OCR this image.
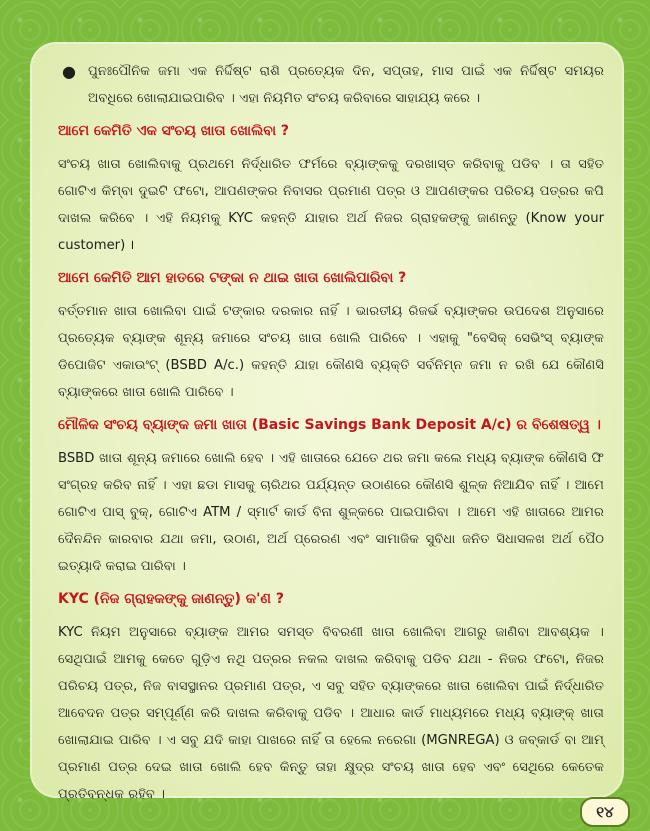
● ପୁନଃପୌନିକ ଜମା ଏକ ନିର୍ଦ୍ଦିଷ୍ଟ ରାଶି ପ୍ରତ୍ୟେକ ଦିନ, ସପ୍ତାହ, ମାସ ପାଇଁ ଏକ ନିର୍ଦ୍ଦିଷ୍ଟ ସମୟର ଅବଧିରେ ଖୋଲାଯାଇପାରିବ । ଏହା ନିୟମିତ ସଂଚୟ କରିବାରେ ସାହାଯ୍ୟ କରେ ।

ଆମେ କେମିତି ଏକ ସଂଚୟ ଖାତା ଖୋଲିବା ?

ସଂଚୟ ଖାତା ଖୋଲିବାକୁ ପ୍ରଥମେ ନିର୍ଦ୍ଧାରିତ ଫର୍ମରେ ବ୍ୟାଙ୍କକୁ ଦରଖାସ୍ତ କରିବାକୁ ପଡିବ । ତା ସହିତ ଗୋଟିଏ କିମ୍ବା ଦୁଇଟି ଫଟୋ, ଆପଣଙ୍କର ନିବାସର ପ୍ରମାଣ ପତ୍ର ଓ ଆପଣଙ୍କର ପରିଚୟ ପତ୍ରର କପି ଦାଖଲ କରିବେ । ଏହି ନିୟମକୁ KYC କହନ୍ତି ଯାହାର ଅର୍ଥ ନିଜର ଗ୍ରାହକଙ୍କୁ ଜାଣନ୍ତୁ (Know your customer) ।

ଆମେ କେମିତି ଆମ ହାତରେ ଟଙ୍କା ନ ଥାଇ ଖାତା ଖୋଲିପାରିବା ?

ବର୍ତ୍ତମାନ ଖାତା ଖୋଲିବା ପାଇଁ ଟଙ୍କାର ଦରକାର ନାହିଁ । ଭାରତୀୟ ରିଜର୍ଭ ବ୍ୟାଙ୍କର ଉପଦେଶ ଅନୁସାରେ ପ୍ରତ୍ୟେକ ବ୍ୟାଙ୍କ ଶୂନ୍ୟ ଜମାରେ ସଂଚୟ ଖାତା ଖୋଲି ପାରିବେ । ଏହାକୁ "ବେସିକ୍ ସେଭିଂସ୍ ବ୍ୟାଙ୍କ ଡିପୋଜିଟ ଏକାଉଂଟ୍ (BSBD A/c.) କହନ୍ତି ଯାହା କୌଣସି ବ୍ୟକ୍ତି ସର୍ବନିମ୍ନ ଜମା ନ ରଖି ଯେ କୌଣସି ବ୍ୟାଙ୍କରେ ଖାତା ଖୋଲି ପାରିବେ ।

ମୌଳିକ ସଂଚୟ ବ୍ୟାଙ୍କ ଜମା ଖାତା (Basic Savings Bank Deposit A/c) ର ବିଶେଷତ୍ୱ ।

BSBD ଖାତା ଶୂନ୍ୟ ଜମାରେ ଖୋଲି ହେବ । ଏହି ଖାତାରେ ଯେତେ ଥର ଜମା କଲେ ମଧ୍ୟ ବ୍ୟାଙ୍କ କୌଣସି ଫି ସଂଗ୍ରହ କରିବ ନାହିଁ । ଏହା ଛଡା ମାସକୁ ଚାରିଥର ପର୍ଯ୍ୟନ୍ତ ଉଠାଣରେ କୌଣସି ଶୁଳ୍କ ନିଆଯିବ ନାହିଁ । ଆମେ ଗୋଟିଏ ପାସ୍ ବୁକ୍, ଗୋଟିଏ ATM / ସ୍ମାର୍ଟ କାର୍ଡ ବିନା ଶୁଳ୍କରେ ପାଇପାରିବା । ଆମେ ଏହି ଖାତାରେ ଆମର ଦୈନନ୍ଦିନ କାରବାର ଯଥା ଜମା, ଉଠାଣ, ଅର୍ଥ ପ୍ରେରଣ ଏବଂ ସାମାଜିକ ସୁବିଧା ଜନିତ ସିଧାସଳଖ ଅର୍ଥ ପୈଠ ଇତ୍ୟାଦି କରାଇ ପାରିବା ।

KYC (ନିଜ ଗ୍ରାହକଙ୍କୁ ଜାଣନ୍ତୁ) କ'ଣ ?

KYC ନିୟମ ଅନୁସାରେ ବ୍ୟାଙ୍କ ଆମର ସମସ୍ତ ବିବରଣୀ ଖାତା ଖୋଲିବା ଆଗରୁ ଜାଣିବା ଆବଶ୍ୟକ । ସେଥିପାଇଁ ଆମକୁ କେତେ ଗୁଡ଼ିଏ ନଥି ପତ୍ରର ନକଲ ଦାଖଲ କରିବାକୁ ପଡିବ ଯଥା - ନିଜର ଫଟୋ, ନିଜର ପରିଚୟ ପତ୍ର, ନିଜ ବାସସ୍ଥାନର ପ୍ରମାଣ ପତ୍ର, ଏ ସବୁ ସହିତ ବ୍ୟାଙ୍କରେ ଖାତା ଖୋଲିବା ପାଇଁ ନିର୍ଦ୍ଧାରିତ ଆବେଦନ ପତ୍ର ସମ୍ପୂର୍ଣ୍ଣ କରି ଦାଖଲ କରିବାକୁ ପଡିବ । ଆଧାର କାର୍ଡ ମାଧ୍ୟମରେ ମଧ୍ୟ ବ୍ୟାଙ୍କ୍ ଖାତା ଖୋଲାଯାଇ ପାରିବ । ଏ ସବୁ ଯଦି କାହା ପାଖରେ ନାହିଁ ତା ହେଲେ ନରେଗା (MGNREGA) ଓ ଜବ୍‌କାର୍ଡ ବା ଆମ୍ ପ୍ରମାଣ ପତ୍ର ଦେଇ ଖାତା ଖୋଲି ହେବ କିନ୍ତୁ ତାହା କ୍ଷୁଦ୍ର ସଂଚୟ ଖାତା ହେବ ଏବଂ ସେଥିରେ କେତେକ ପ୍ରତିବନ୍ଧକ ରହିବ ।

୧୪
